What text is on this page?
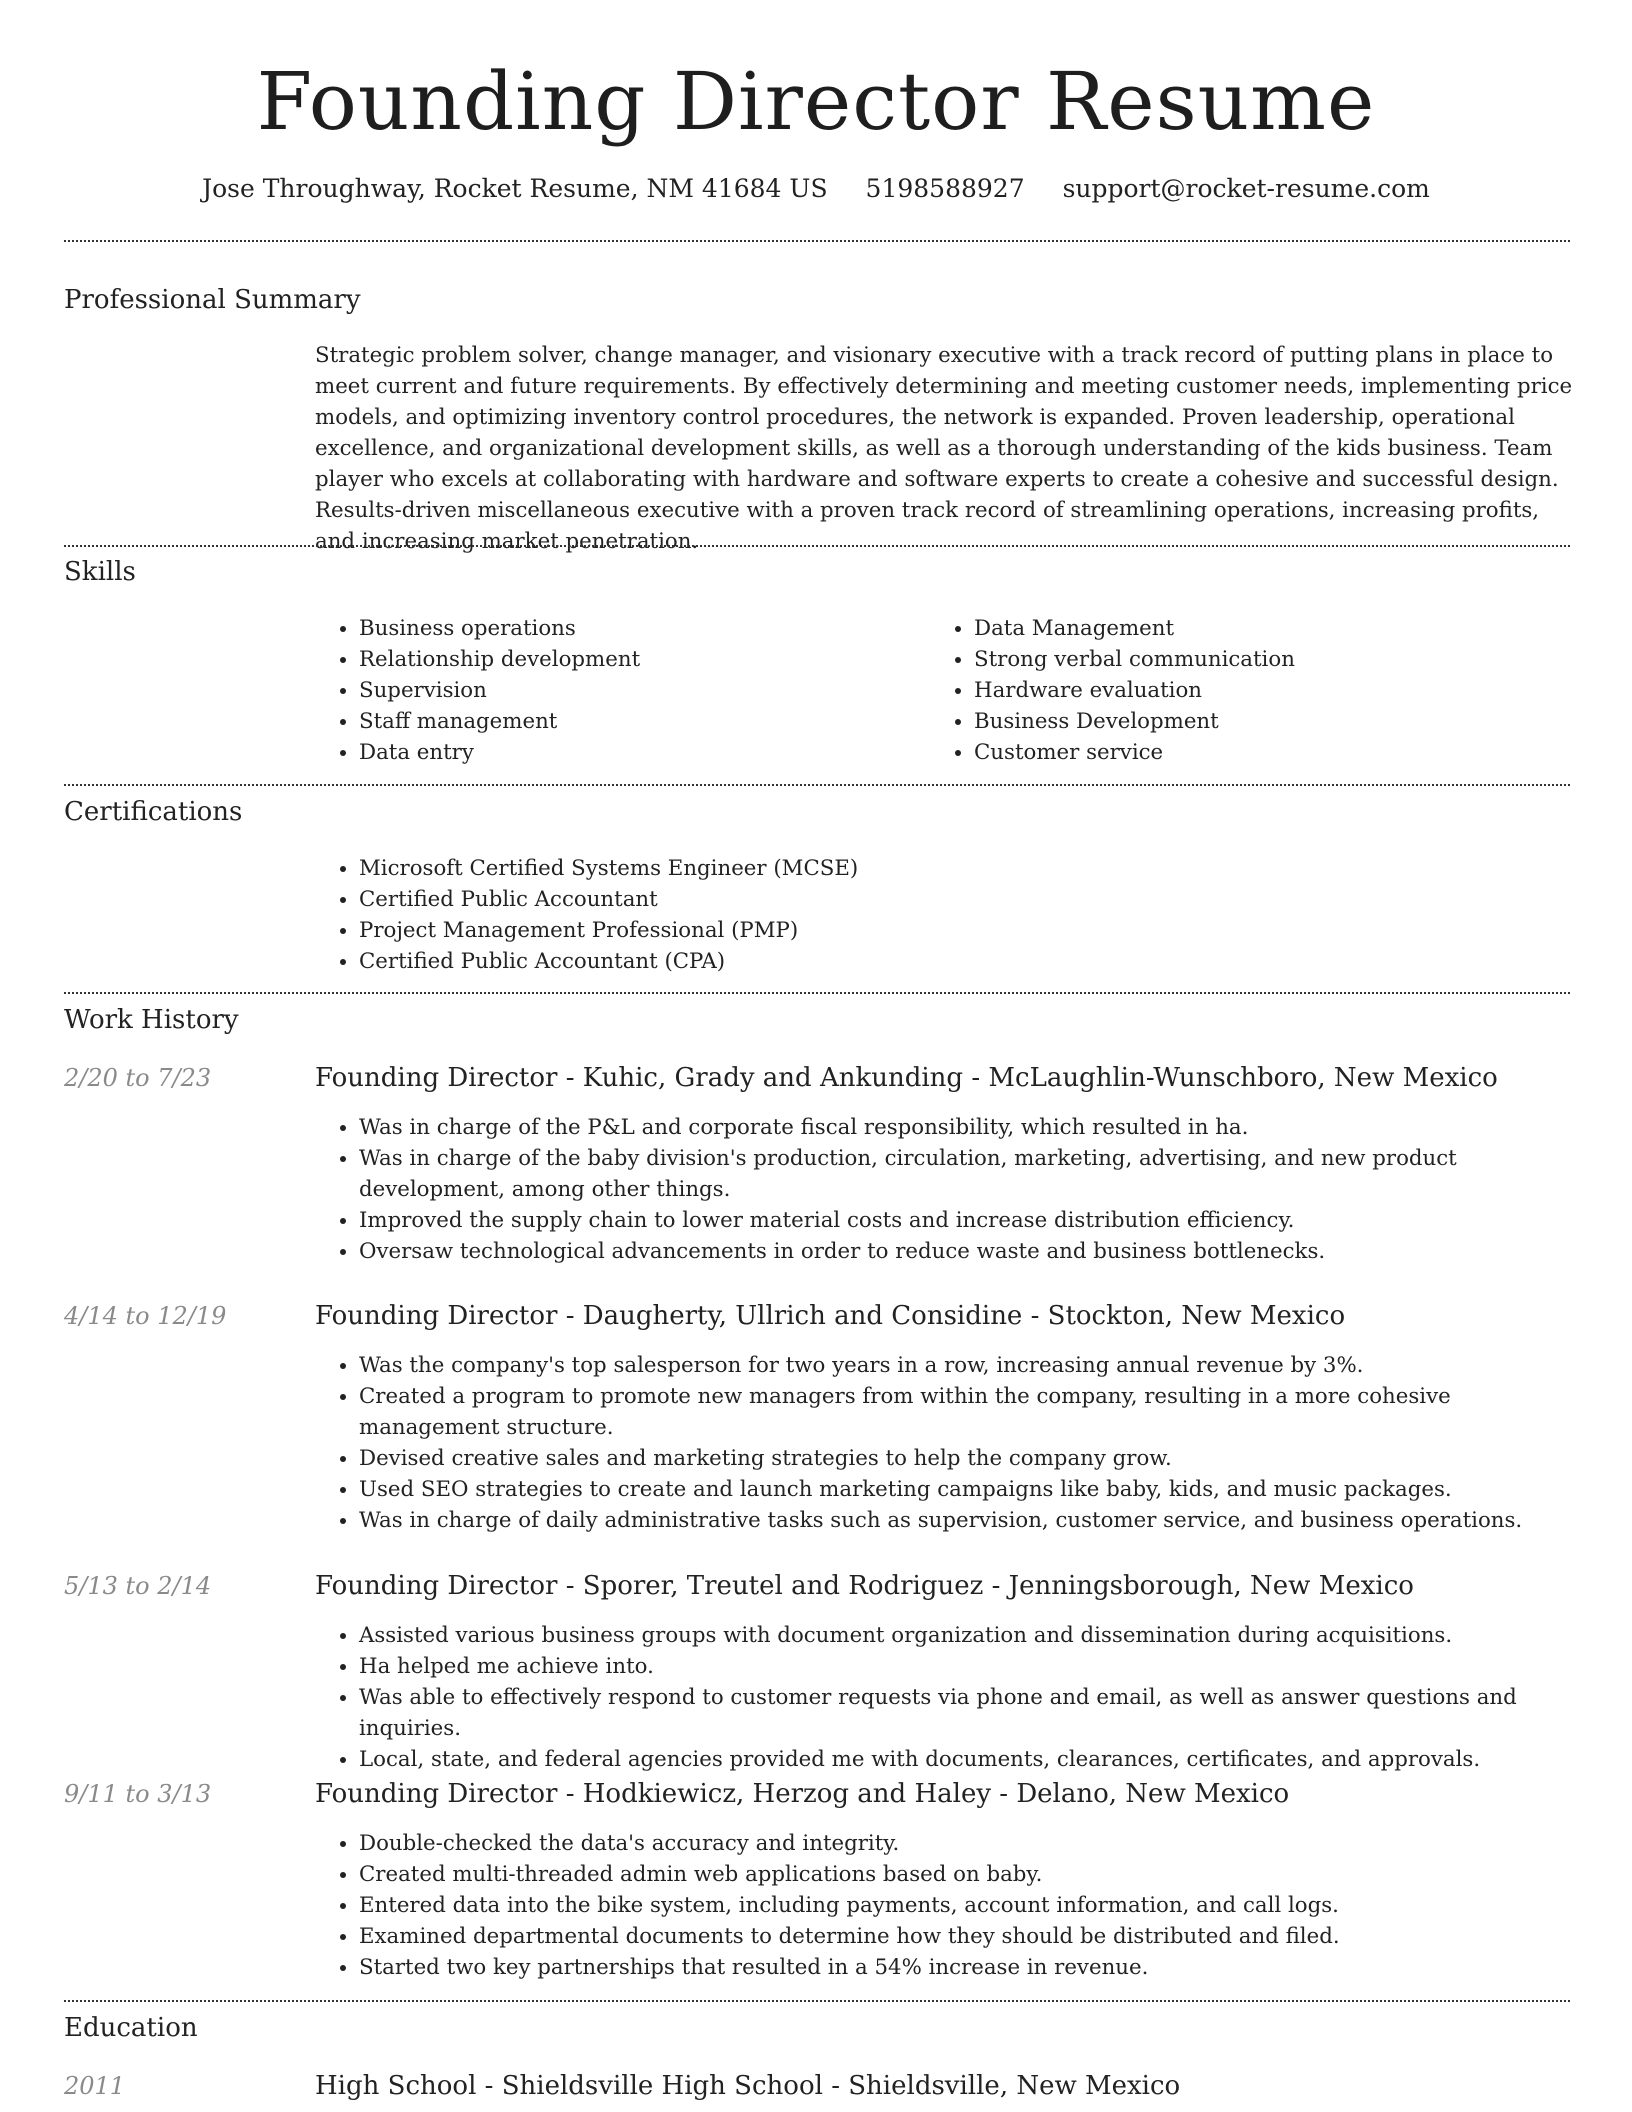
Founding Director Resume
Jose Throughway, Rocket Resume, NM 41684 US 5198588927 support@rocket-resume.com
Professional Summary

Strategic problem solver, change manager, and visionary executive with a track record of putting plans in place to meet current and future requirements. By effectively determining and meeting customer needs, implementing price models, and optimizing inventory control procedures, the network is expanded. Proven leadership, operational excellence, and organizational development skills, as well as a thorough understanding of the kids business. Team player who excels at collaborating with hardware and software experts to create a cohesive and successful design. Results-driven miscellaneous executive with a proven track record of streamlining operations, increasing profits, and increasing market penetration.

Skills
• Business operations
• Relationship development
• Supervision
• Staff management
• Data entry
• Data Management
• Strong verbal communication
• Hardware evaluation
• Business Development
• Customer service
Certifications
• Microsoft Certified Systems Engineer (MCSE)
• Certified Public Accountant
• Project Management Professional (PMP)
• Certified Public Accountant (CPA)
Work History
2/20 to 7/23	Founding Director - Kuhic, Grady and Ankunding - McLaughlin-Wunschboro, New Mexico
• Was in charge of the P&L and corporate fiscal responsibility, which resulted in ha.
• Was in charge of the baby division's production, circulation, marketing, advertising, and new product development, among other things.
• Improved the supply chain to lower material costs and increase distribution efficiency.
• Oversaw technological advancements in order to reduce waste and business bottlenecks.
4/14 to 12/19	Founding Director - Daugherty, Ullrich and Considine - Stockton, New Mexico
• Was the company's top salesperson for two years in a row, increasing annual revenue by 3%.
• Created a program to promote new managers from within the company, resulting in a more cohesive management structure.
• Devised creative sales and marketing strategies to help the company grow.
• Used SEO strategies to create and launch marketing campaigns like baby, kids, and music packages.
• Was in charge of daily administrative tasks such as supervision, customer service, and business operations.
5/13 to 2/14	Founding Director - Sporer, Treutel and Rodriguez - Jenningsborough, New Mexico
• Assisted various business groups with document organization and dissemination during acquisitions.
• Ha helped me achieve into.
• Was able to effectively respond to customer requests via phone and email, as well as answer questions and inquiries.
• Local, state, and federal agencies provided me with documents, clearances, certificates, and approvals.
9/11 to 3/13	Founding Director - Hodkiewicz, Herzog and Haley - Delano, New Mexico
• Double-checked the data's accuracy and integrity.
• Created multi-threaded admin web applications based on baby.
• Entered data into the bike system, including payments, account information, and call logs.
• Examined departmental documents to determine how they should be distributed and filed.
• Started two key partnerships that resulted in a 54% increase in revenue.
Education
2011	High School - Shieldsville High School - Shieldsville, New Mexico
